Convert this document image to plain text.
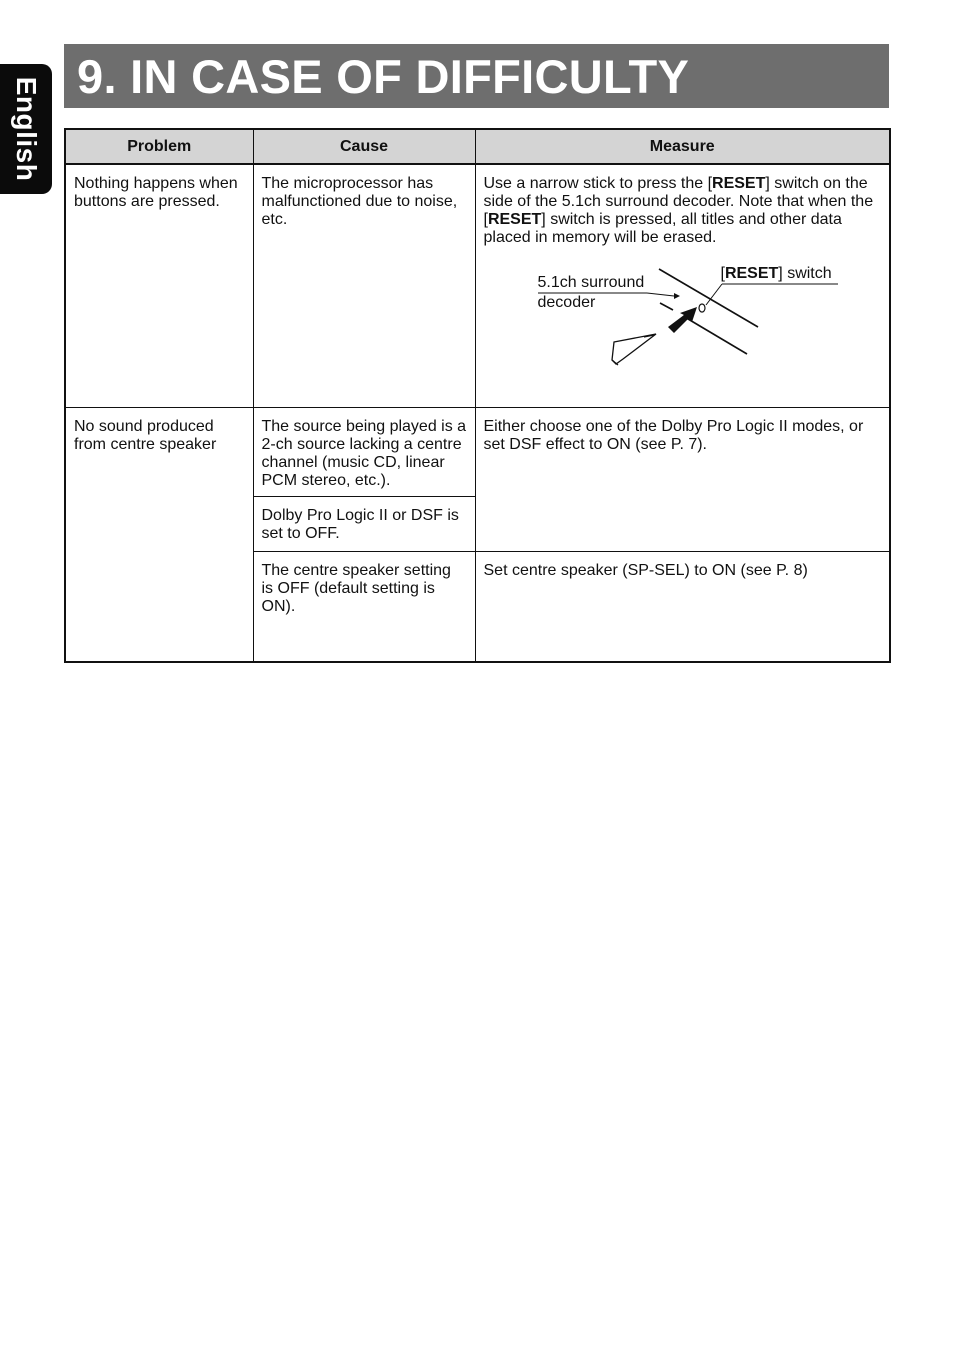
English
9. IN CASE OF DIFFICULTY
Problem	Cause	Measure
Nothing happens when buttons are pressed.	The microprocessor has malfunctioned due to noise, etc.	Use a narrow stick to press the [RESET] switch on the side of the 5.1ch surround decoder. Note that when the [RESET] switch is pressed, all titles and other data placed in memory will be erased.
5.1ch surround
decoder
[RESET] switch

No sound produced from centre speaker	The source being played is a 2-ch source lacking a centre channel (music CD, linear PCM stereo, etc.).	Either choose one of the Dolby Pro Logic II modes, or set DSF effect to ON (see P. 7).
	Dolby Pro Logic II or DSF is set to OFF.	
	The centre speaker setting is OFF (default setting is ON).	Set centre speaker (SP-SEL) to ON (see P. 8)
